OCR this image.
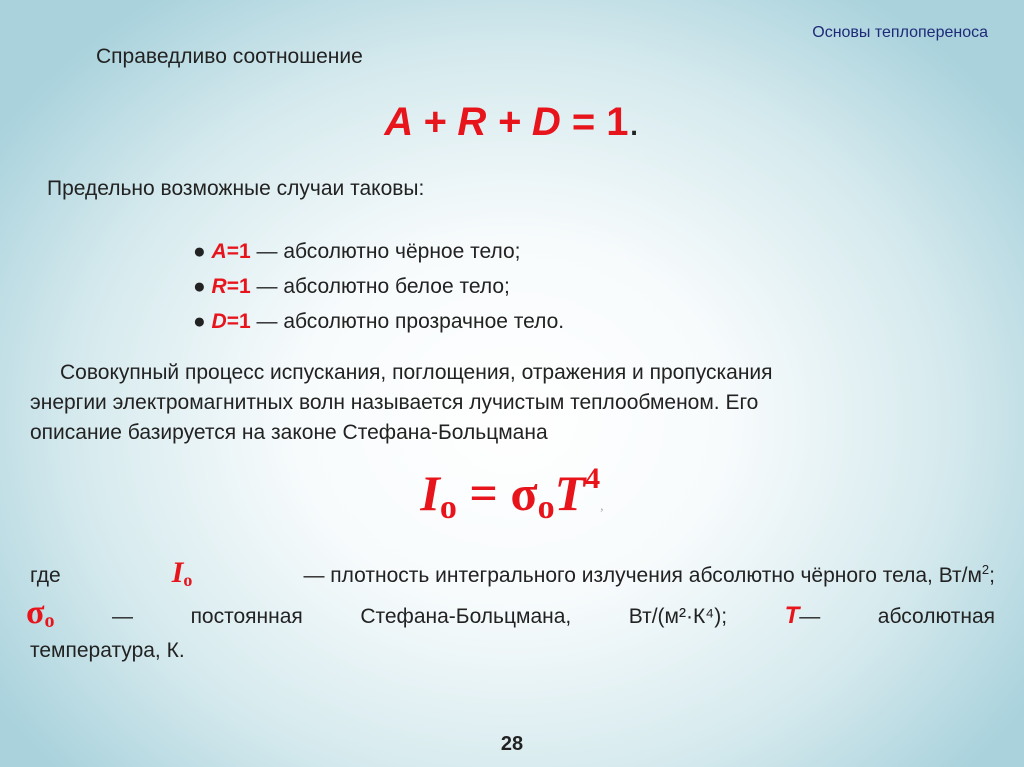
Основы теплопереноса
Справедливо соотношение
A + R + D = 1.
Предельно возможные случаи таковы:
● A=1 — абсолютно чёрное тело;
● R=1 — абсолютно белое тело;
● D=1 — абсолютно прозрачное тело.
Совокупный процесс испускания, поглощения, отражения и пропускания
энергии электромагнитных волн называется лучистым теплообменом. Его
описание базируется на законе Стефана-Больцмана
$I_o = \sigma_oT^4$,
где	Io	— плотность интегрального излучения абсолютно чёрного тела, $Вт/м^2$;
σo	—	постоянная	Стефана-Больцмана,	Вт/(м²·К⁴); T—	абсолютная
температура, К.
28
